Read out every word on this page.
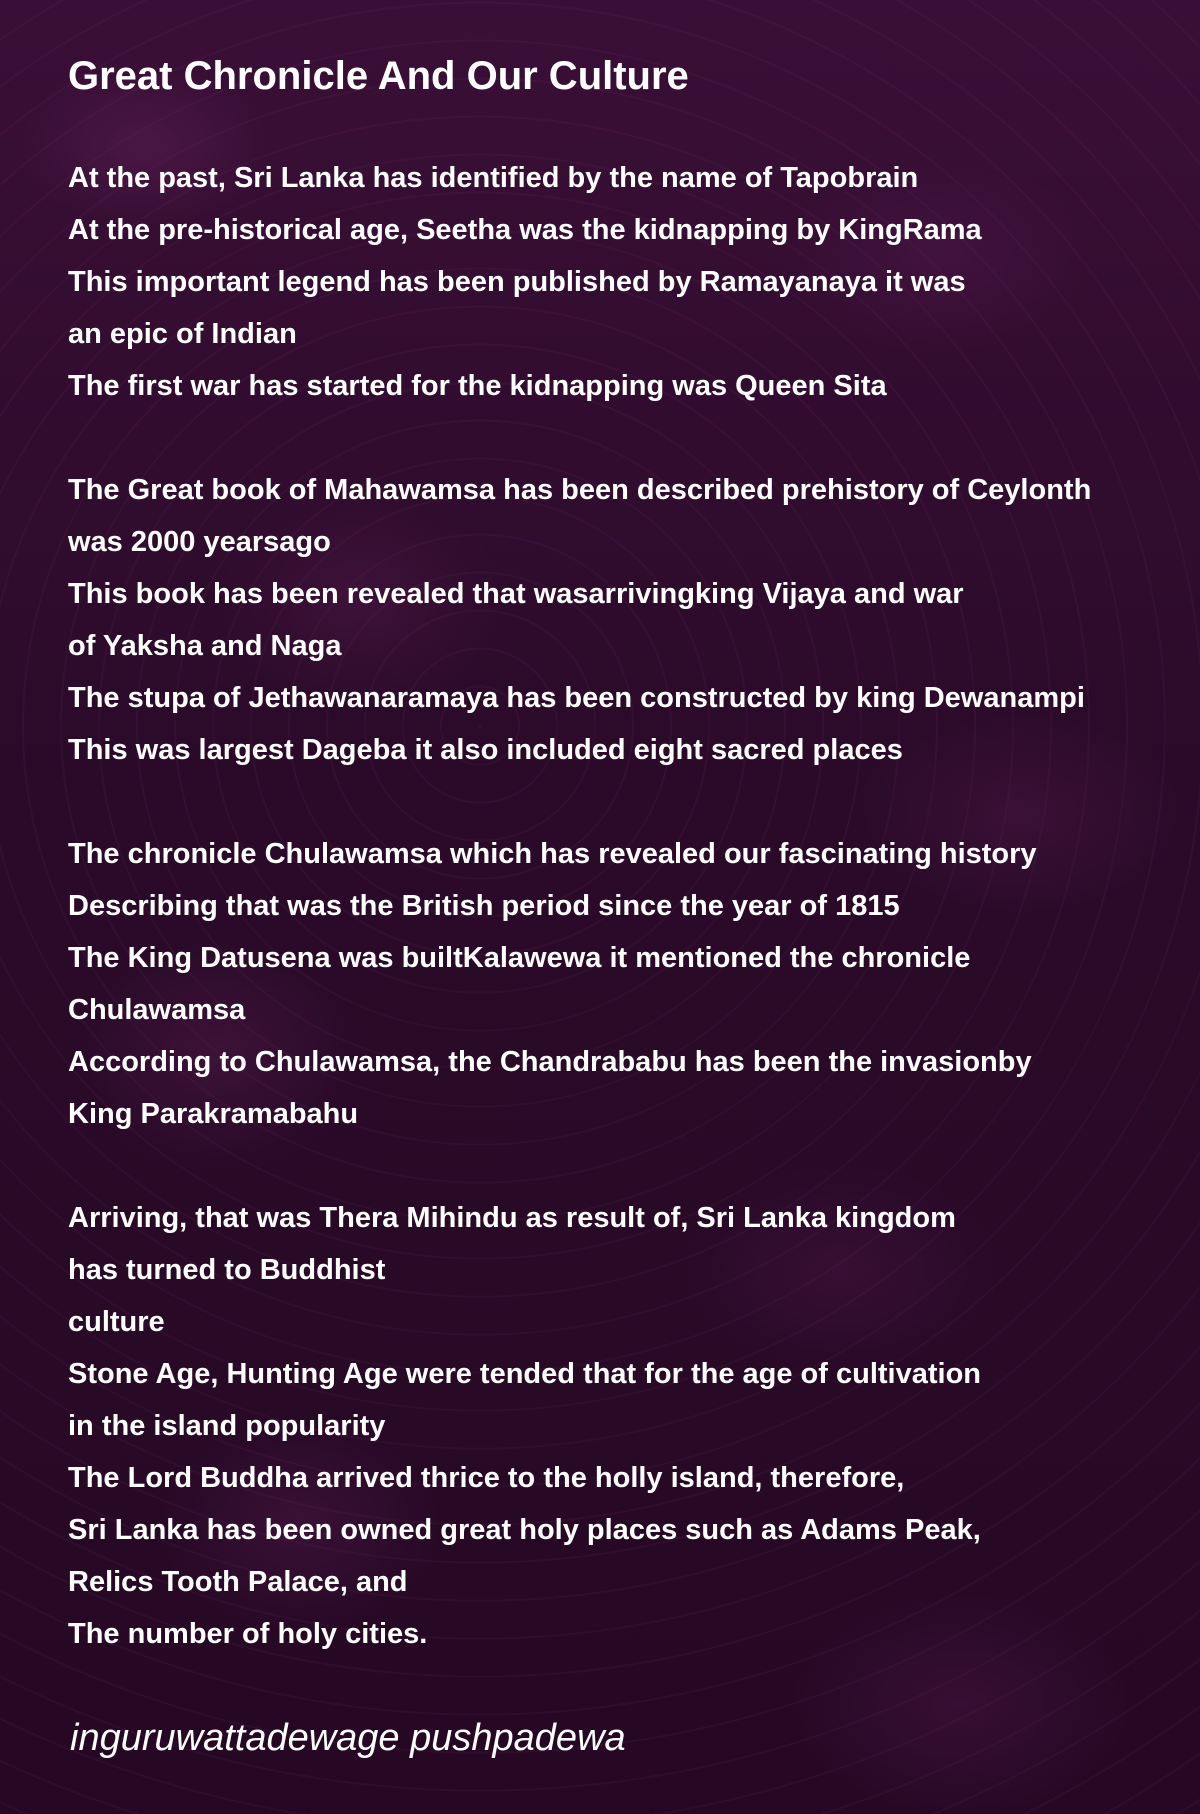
Great Chronicle And Our Culture
At the past, Sri Lanka has identified by the name of Tapobrain
At the pre-historical age, Seetha was the kidnapping by KingRama
This important legend has been published by Ramayanaya it was
an epic of Indian
The first war has started for the kidnapping was Queen Sita
The Great book of Mahawamsa has been described prehistory of Ceylonth
was 2000 yearsago
This book has been revealed that wasarrivingking Vijaya and war
of Yaksha and Naga
The stupa of Jethawanaramaya has been constructed by king Dewanampi
This was largest Dageba it also included eight sacred places
The chronicle Chulawamsa which has revealed our fascinating history
Describing that was the British period since the year of 1815
The King Datusena was builtKalawewa it mentioned the chronicle
Chulawamsa
According to Chulawamsa, the Chandrababu has been the invasionby
King Parakramabahu
Arriving, that was Thera Mihindu as result of, Sri Lanka kingdom
has turned to Buddhist
culture
Stone Age, Hunting Age were tended that for the age of cultivation
in the island popularity
The Lord Buddha arrived thrice to the holly island, therefore,
Sri Lanka has been owned great holy places such as Adams Peak,
Relics Tooth Palace, and
The number of holy cities.
inguruwattadewage pushpadewa
